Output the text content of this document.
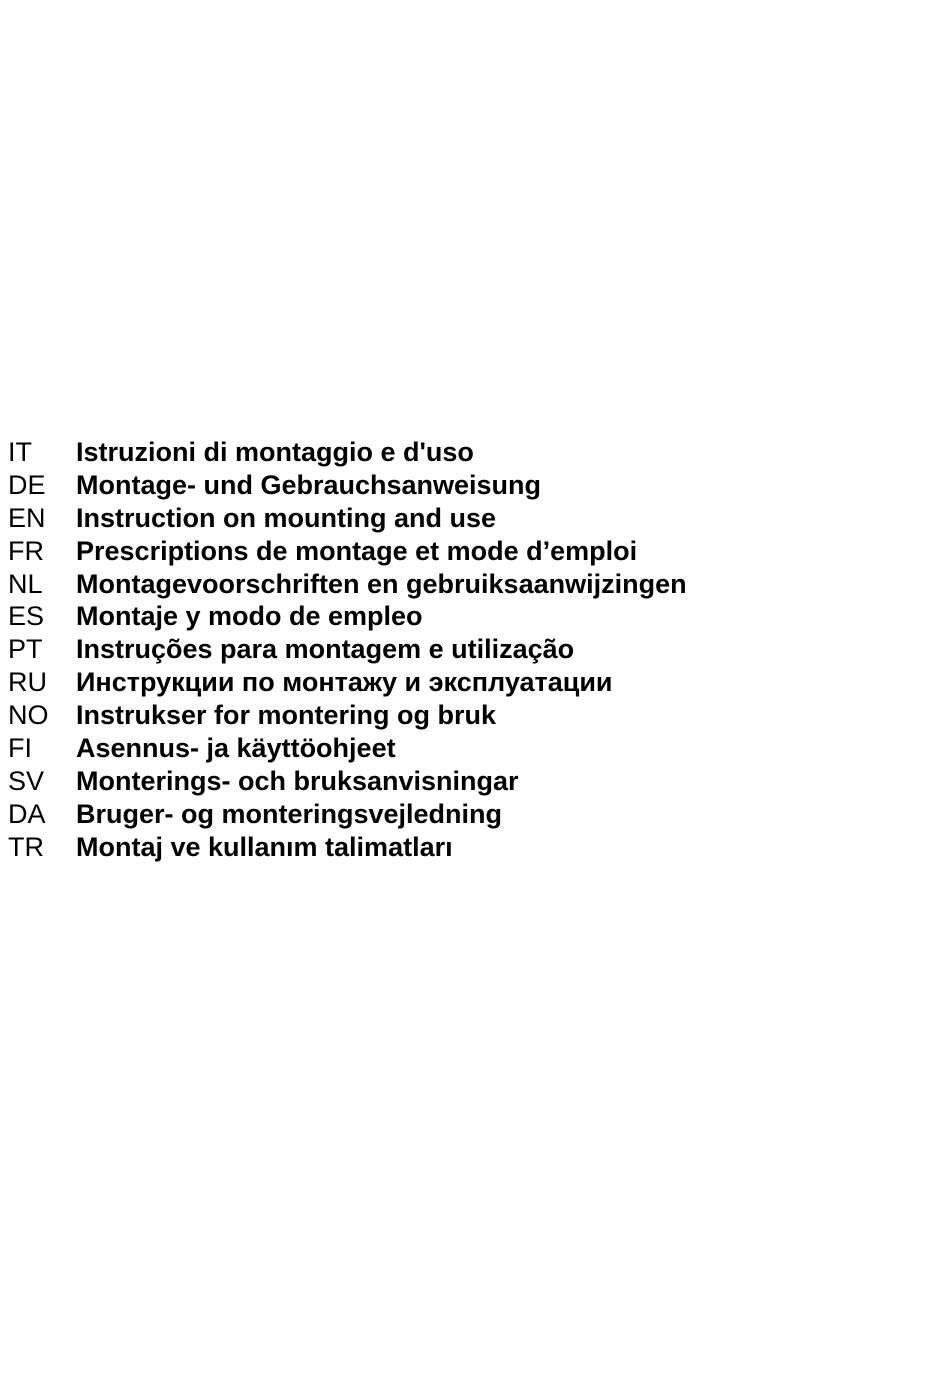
IT	Istruzioni di montaggio e d'uso
DE	Montage- und Gebrauchsanweisung
EN	Instruction on mounting and use
FR	Prescriptions de montage et mode d’emploi
NL	Montagevoorschriften en gebruiksaanwijzingen
ES	Montaje y modo de empleo
PT	Instruções para montagem e utilização
RU	Инструкции по монтажу и эксплуатации
NO	Instrukser for montering og bruk
FI	Asennus- ja käyttöohjeet
SV	Monterings- och bruksanvisningar
DA	Bruger- og monteringsvejledning
TR	Montaj ve kullanım talimatları
